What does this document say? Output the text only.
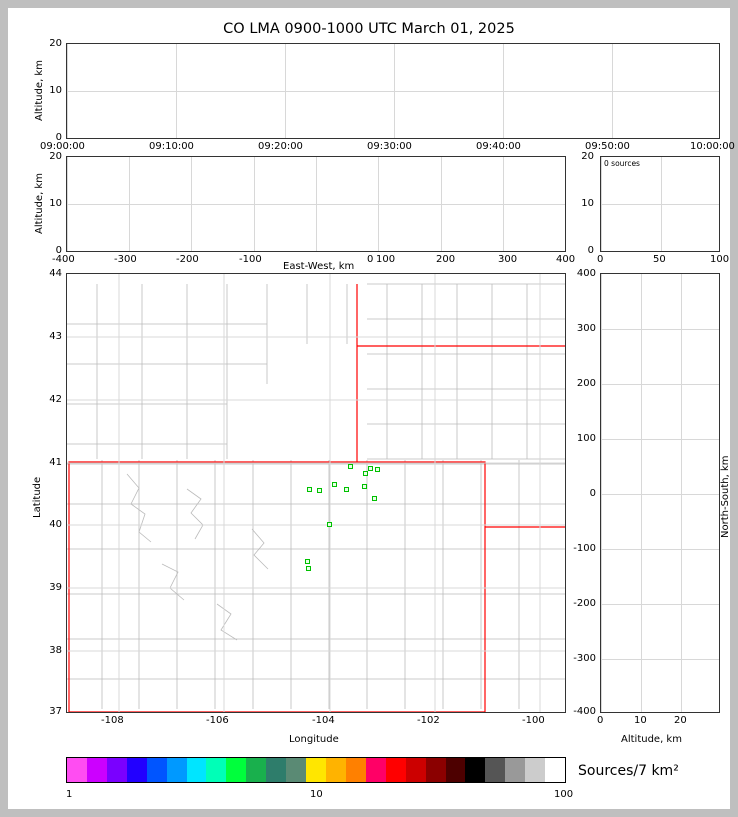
CO LMA 0900-1000 UTC March 01, 2025
20
10
0
Altitude, km
09:00:00	09:10:00	09:20:00	09:30:00	09:40:00	09:50:00	10:00:00
20
10
0
Altitude, km
-400	-300	-200	-100	0 100	200	300	400
East-West, km
0 sources
20
10
0
0	50	100
44
43
42
41
40
39
38
37
Latitude
-108	-106	-104	-102	-100
Longitude
400
300
200
100
0
-100
-200
-300
-400
North-South, km
0	10	20
Altitude, km
Sources/7 km²
1	10	100
